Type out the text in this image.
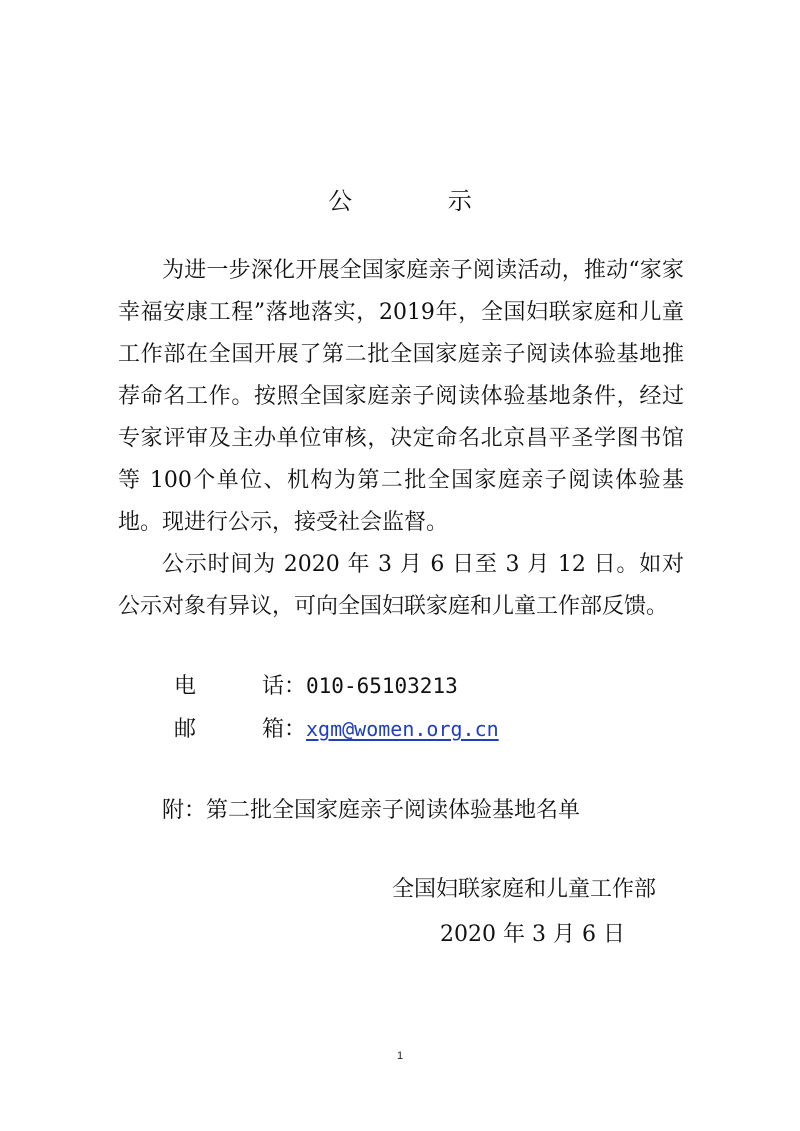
公 示

为进一步深化开展全国家庭亲子阅读活动，推动“家家幸福安康工程”落地落实，2019年，全国妇联家庭和儿童工作部在全国开展了第二批全国家庭亲子阅读体验基地推荐命名工作。按照全国家庭亲子阅读体验基地条件，经过专家评审及主办单位审核，决定命名北京昌平圣学图书馆等 100个单位、机构为第二批全国家庭亲子阅读体验基地。现进行公示，接受社会监督。

公示时间为 2020 年 3 月 6 日至 3 月 12 日。如对公示对象有异议，可向全国妇联家庭和儿童工作部反馈。

电	话：010-65103213
邮	箱：xgm@women.org.cn
附：第二批全国家庭亲子阅读体验基地名单
全国妇联家庭和儿童工作部
2020 年 3 月 6 日
1
